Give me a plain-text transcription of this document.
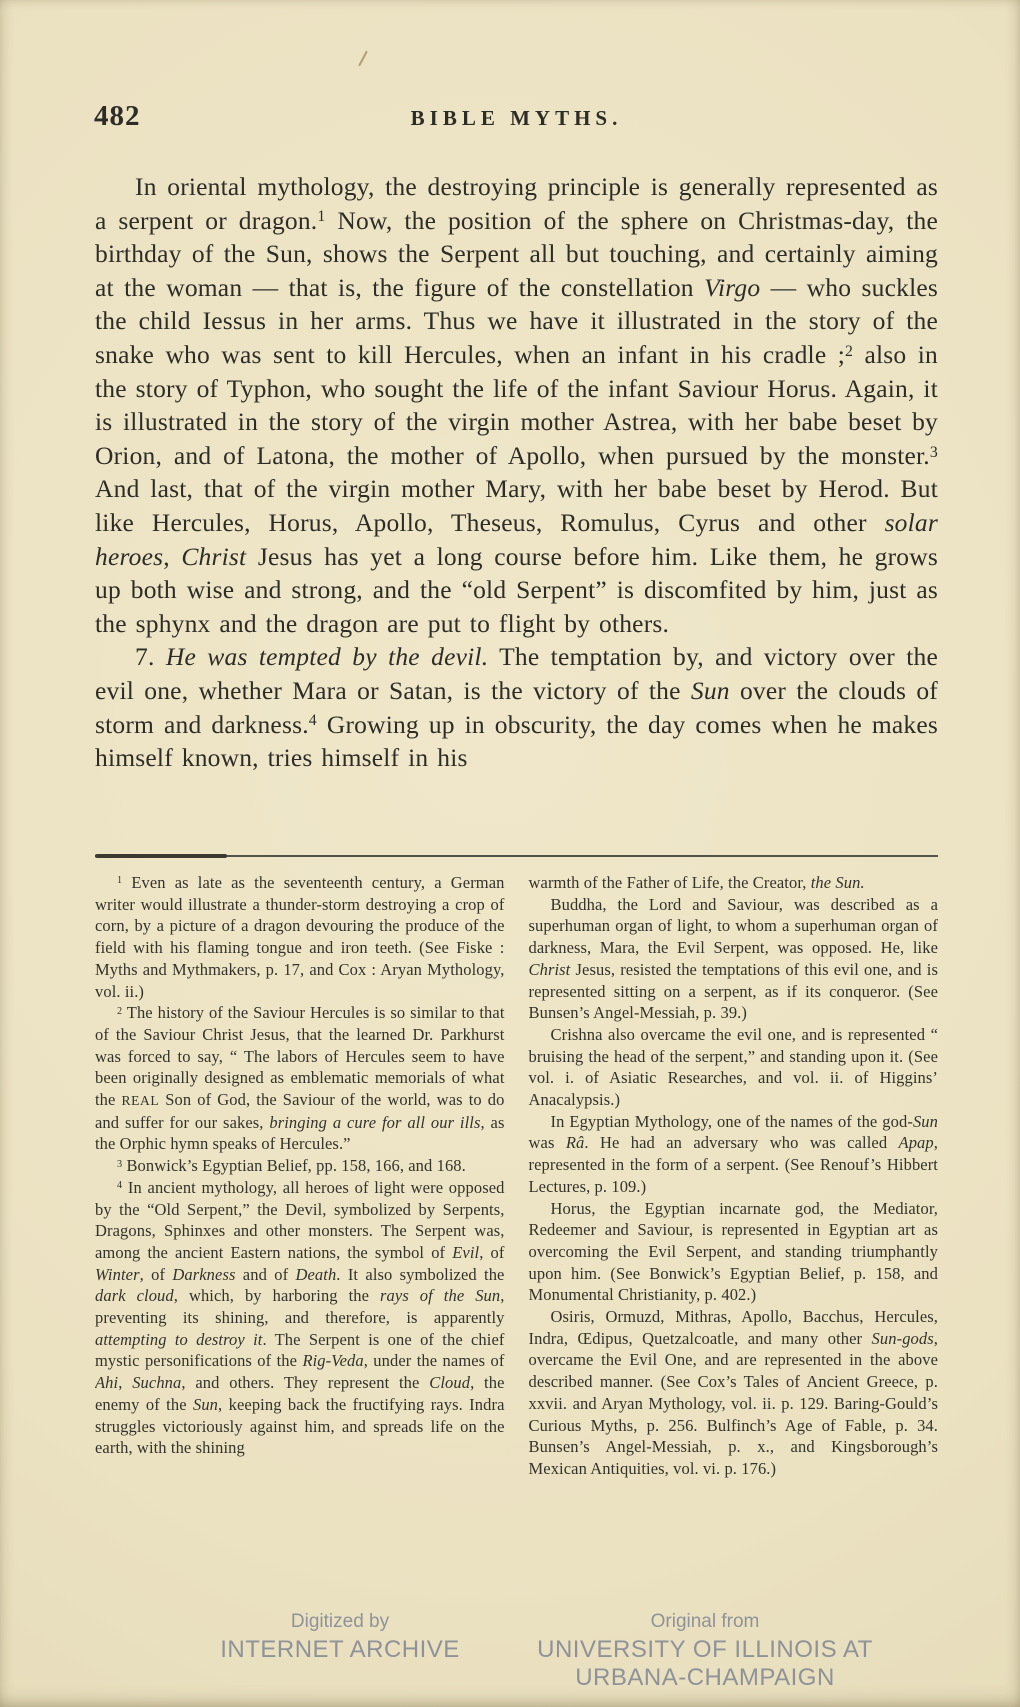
482	BIBLE MYTHS.

In oriental mythology, the destroying principle is generally represented as a serpent or dragon.$^1$ Now, the position of the sphere on Christmas-day, the birthday of the Sun, shows the Serpent all but touching, and certainly aiming at the woman — that is, the figure of the constellation Virgo — who suckles the child Iessus in her arms. Thus we have it illustrated in the story of the snake who was sent to kill Hercules, when an infant in his cradle ;$^2$ also in the story of Typhon, who sought the life of the infant Saviour Horus. Again, it is illustrated in the story of the virgin mother Astrea, with her babe beset by Orion, and of Latona, the mother of Apollo, when pursued by the monster.$^3$ And last, that of the virgin mother Mary, with her babe beset by Herod. But like Hercules, Horus, Apollo, Theseus, Romulus, Cyrus and other solar heroes, Christ Jesus has yet a long course before him. Like them, he grows up both wise and strong, and the “old Serpent” is discomfited by him, just as the sphynx and the dragon are put to flight by others.

7. He was tempted by the devil. The temptation by, and victory over the evil one, whether Mara or Satan, is the victory of the Sun over the clouds of storm and darkness.$^4$ Growing up in obscurity, the day comes when he makes himself known, tries himself in his

$^1$ Even as late as the seventeenth century, a German writer would illustrate a thunder-storm destroying a crop of corn, by a picture of a dragon devouring the produce of the field with his flaming tongue and iron teeth. (See Fiske : Myths and Mythmakers, p. 17, and Cox : Aryan Mythology, vol. ii.)

$^2$ The history of the Saviour Hercules is so similar to that of the Saviour Christ Jesus, that the learned Dr. Parkhurst was forced to say, “ The labors of Hercules seem to have been originally designed as emblematic memorials of what the REAL Son of God, the Saviour of the world, was to do and suffer for our sakes, bringing a cure for all our ills, as the Orphic hymn speaks of Hercules.”

$^3$ Bonwick’s Egyptian Belief, pp. 158, 166, and 168.

$^4$ In ancient mythology, all heroes of light were opposed by the “Old Serpent,” the Devil, symbolized by Serpents, Dragons, Sphinxes and other monsters. The Serpent was, among the ancient Eastern nations, the symbol of Evil, of Winter, of Darkness and of Death. It also symbolized the dark cloud, which, by harboring the rays of the Sun, preventing its shining, and therefore, is apparently attempting to destroy it. The Serpent is one of the chief mystic personifications of the Rig-Veda, under the names of Ahi, Suchna, and others. They represent the Cloud, the enemy of the Sun, keeping back the fructifying rays. Indra struggles victoriously against him, and spreads life on the earth, with the shining

warmth of the Father of Life, the Creator, the Sun.

Buddha, the Lord and Saviour, was described as a superhuman organ of light, to whom a superhuman organ of darkness, Mara, the Evil Serpent, was opposed. He, like Christ Jesus, resisted the temptations of this evil one, and is represented sitting on a serpent, as if its conqueror. (See Bunsen’s Angel-Messiah, p. 39.)

Crishna also overcame the evil one, and is represented “ bruising the head of the serpent,” and standing upon it. (See vol. i. of Asiatic Researches, and vol. ii. of Higgins’ Anacalypsis.)

In Egyptian Mythology, one of the names of the god-Sun was Râ. He had an adversary who was called Apap, represented in the form of a serpent. (See Renouf’s Hibbert Lectures, p. 109.)

Horus, the Egyptian incarnate god, the Mediator, Redeemer and Saviour, is represented in Egyptian art as overcoming the Evil Serpent, and standing triumphantly upon him. (See Bonwick’s Egyptian Belief, p. 158, and Monumental Christianity, p. 402.)

Osiris, Ormuzd, Mithras, Apollo, Bacchus, Hercules, Indra, Œdipus, Quetzalcoatle, and many other Sun-gods, overcame the Evil One, and are represented in the above described manner. (See Cox’s Tales of Ancient Greece, p. xxvii. and Aryan Mythology, vol. ii. p. 129. Baring-Gould’s Curious Myths, p. 256. Bulfinch’s Age of Fable, p. 34. Bunsen’s Angel-Messiah, p. x., and Kingsborough’s Mexican Antiquities, vol. vi. p. 176.)

Digitized by
INTERNET ARCHIVE
Original from
UNIVERSITY OF ILLINOIS AT
URBANA-CHAMPAIGN
